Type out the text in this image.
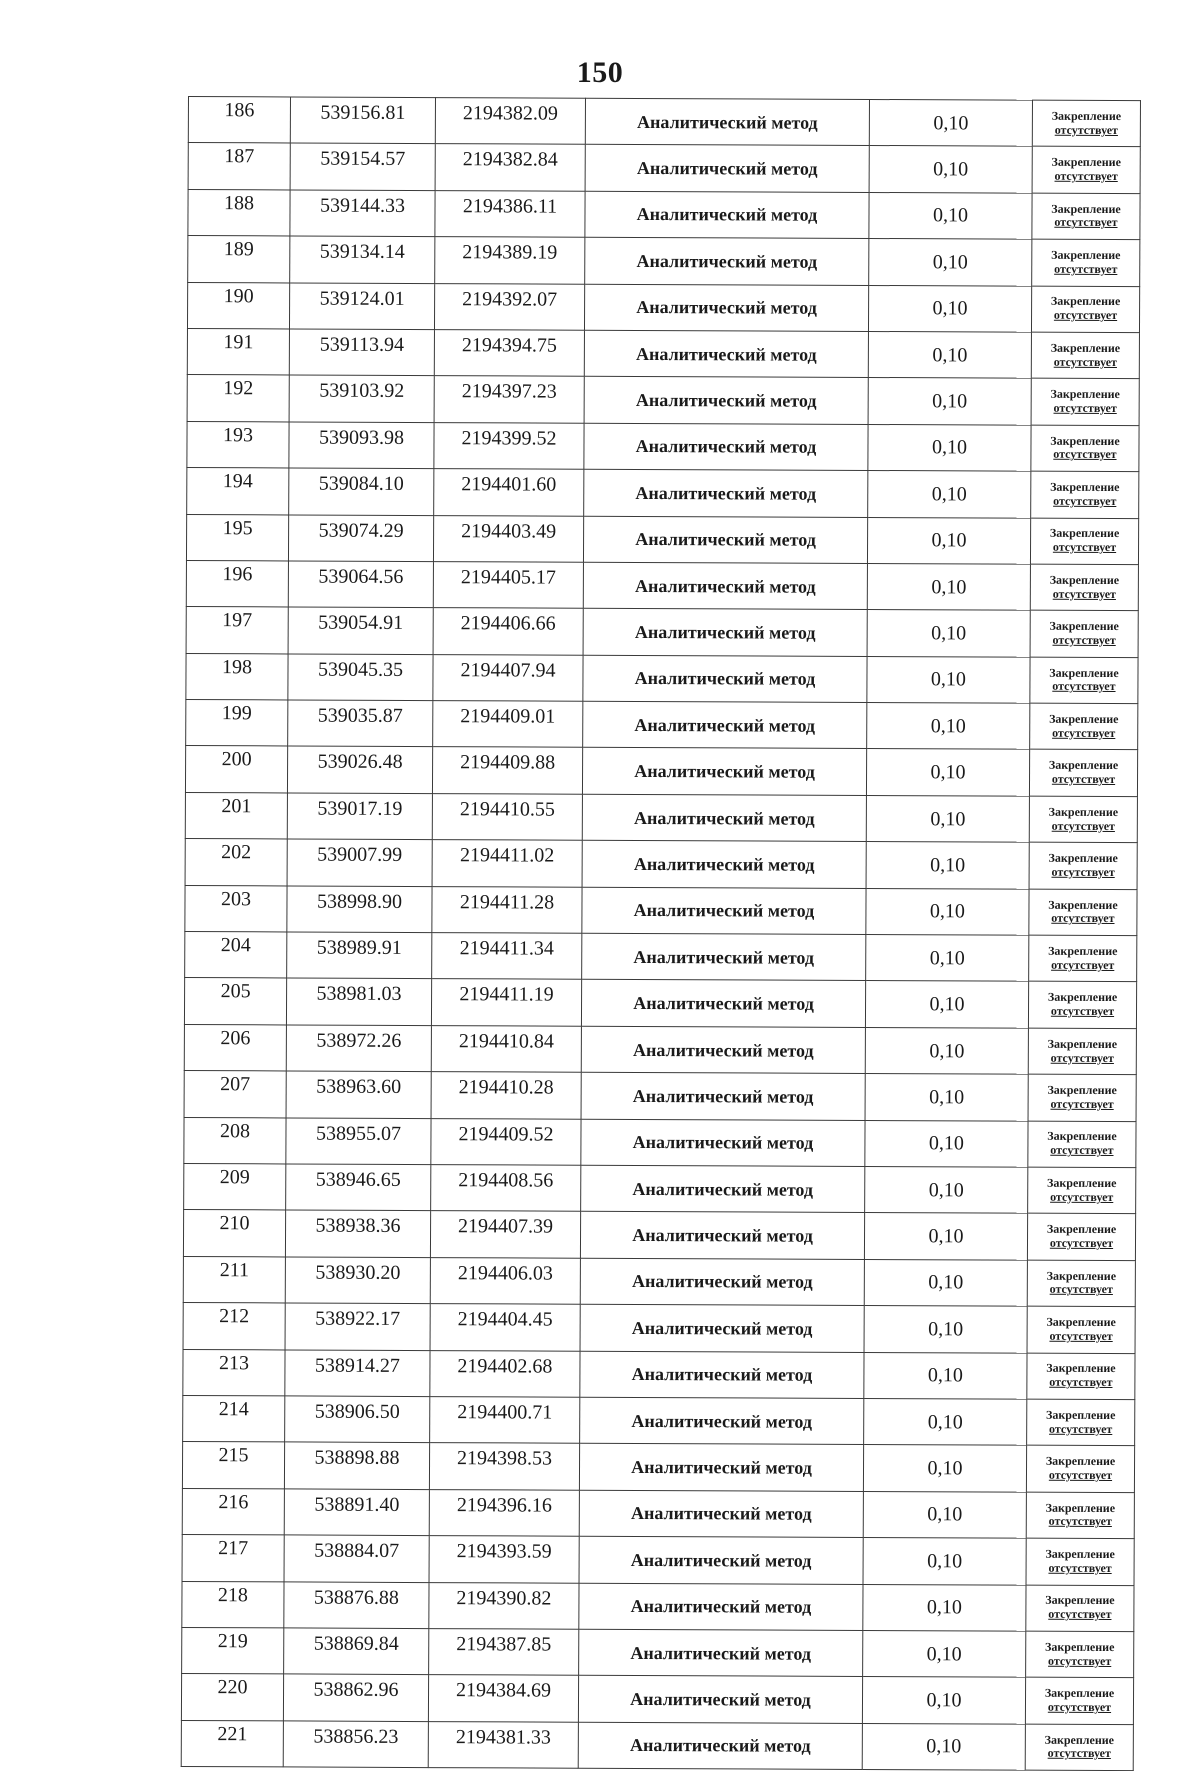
150
186	539156.81	2194382.09	Аналитический метод	0,10	Закрепление
отсутствует

187	539154.57	2194382.84	Аналитический метод	0,10	Закрепление
отсутствует

188	539144.33	2194386.11	Аналитический метод	0,10	Закрепление
отсутствует

189	539134.14	2194389.19	Аналитический метод	0,10	Закрепление
отсутствует

190	539124.01	2194392.07	Аналитический метод	0,10	Закрепление
отсутствует

191	539113.94	2194394.75	Аналитический метод	0,10	Закрепление
отсутствует

192	539103.92	2194397.23	Аналитический метод	0,10	Закрепление
отсутствует

193	539093.98	2194399.52	Аналитический метод	0,10	Закрепление
отсутствует

194	539084.10	2194401.60	Аналитический метод	0,10	Закрепление
отсутствует

195	539074.29	2194403.49	Аналитический метод	0,10	Закрепление
отсутствует

196	539064.56	2194405.17	Аналитический метод	0,10	Закрепление
отсутствует

197	539054.91	2194406.66	Аналитический метод	0,10	Закрепление
отсутствует

198	539045.35	2194407.94	Аналитический метод	0,10	Закрепление
отсутствует

199	539035.87	2194409.01	Аналитический метод	0,10	Закрепление
отсутствует

200	539026.48	2194409.88	Аналитический метод	0,10	Закрепление
отсутствует

201	539017.19	2194410.55	Аналитический метод	0,10	Закрепление
отсутствует

202	539007.99	2194411.02	Аналитический метод	0,10	Закрепление
отсутствует

203	538998.90	2194411.28	Аналитический метод	0,10	Закрепление
отсутствует

204	538989.91	2194411.34	Аналитический метод	0,10	Закрепление
отсутствует

205	538981.03	2194411.19	Аналитический метод	0,10	Закрепление
отсутствует

206	538972.26	2194410.84	Аналитический метод	0,10	Закрепление
отсутствует

207	538963.60	2194410.28	Аналитический метод	0,10	Закрепление
отсутствует

208	538955.07	2194409.52	Аналитический метод	0,10	Закрепление
отсутствует

209	538946.65	2194408.56	Аналитический метод	0,10	Закрепление
отсутствует

210	538938.36	2194407.39	Аналитический метод	0,10	Закрепление
отсутствует

211	538930.20	2194406.03	Аналитический метод	0,10	Закрепление
отсутствует

212	538922.17	2194404.45	Аналитический метод	0,10	Закрепление
отсутствует

213	538914.27	2194402.68	Аналитический метод	0,10	Закрепление
отсутствует

214	538906.50	2194400.71	Аналитический метод	0,10	Закрепление
отсутствует

215	538898.88	2194398.53	Аналитический метод	0,10	Закрепление
отсутствует

216	538891.40	2194396.16	Аналитический метод	0,10	Закрепление
отсутствует

217	538884.07	2194393.59	Аналитический метод	0,10	Закрепление
отсутствует

218	538876.88	2194390.82	Аналитический метод	0,10	Закрепление
отсутствует

219	538869.84	2194387.85	Аналитический метод	0,10	Закрепление
отсутствует

220	538862.96	2194384.69	Аналитический метод	0,10	Закрепление
отсутствует

221	538856.23	2194381.33	Аналитический метод	0,10	Закрепление
отсутствует
